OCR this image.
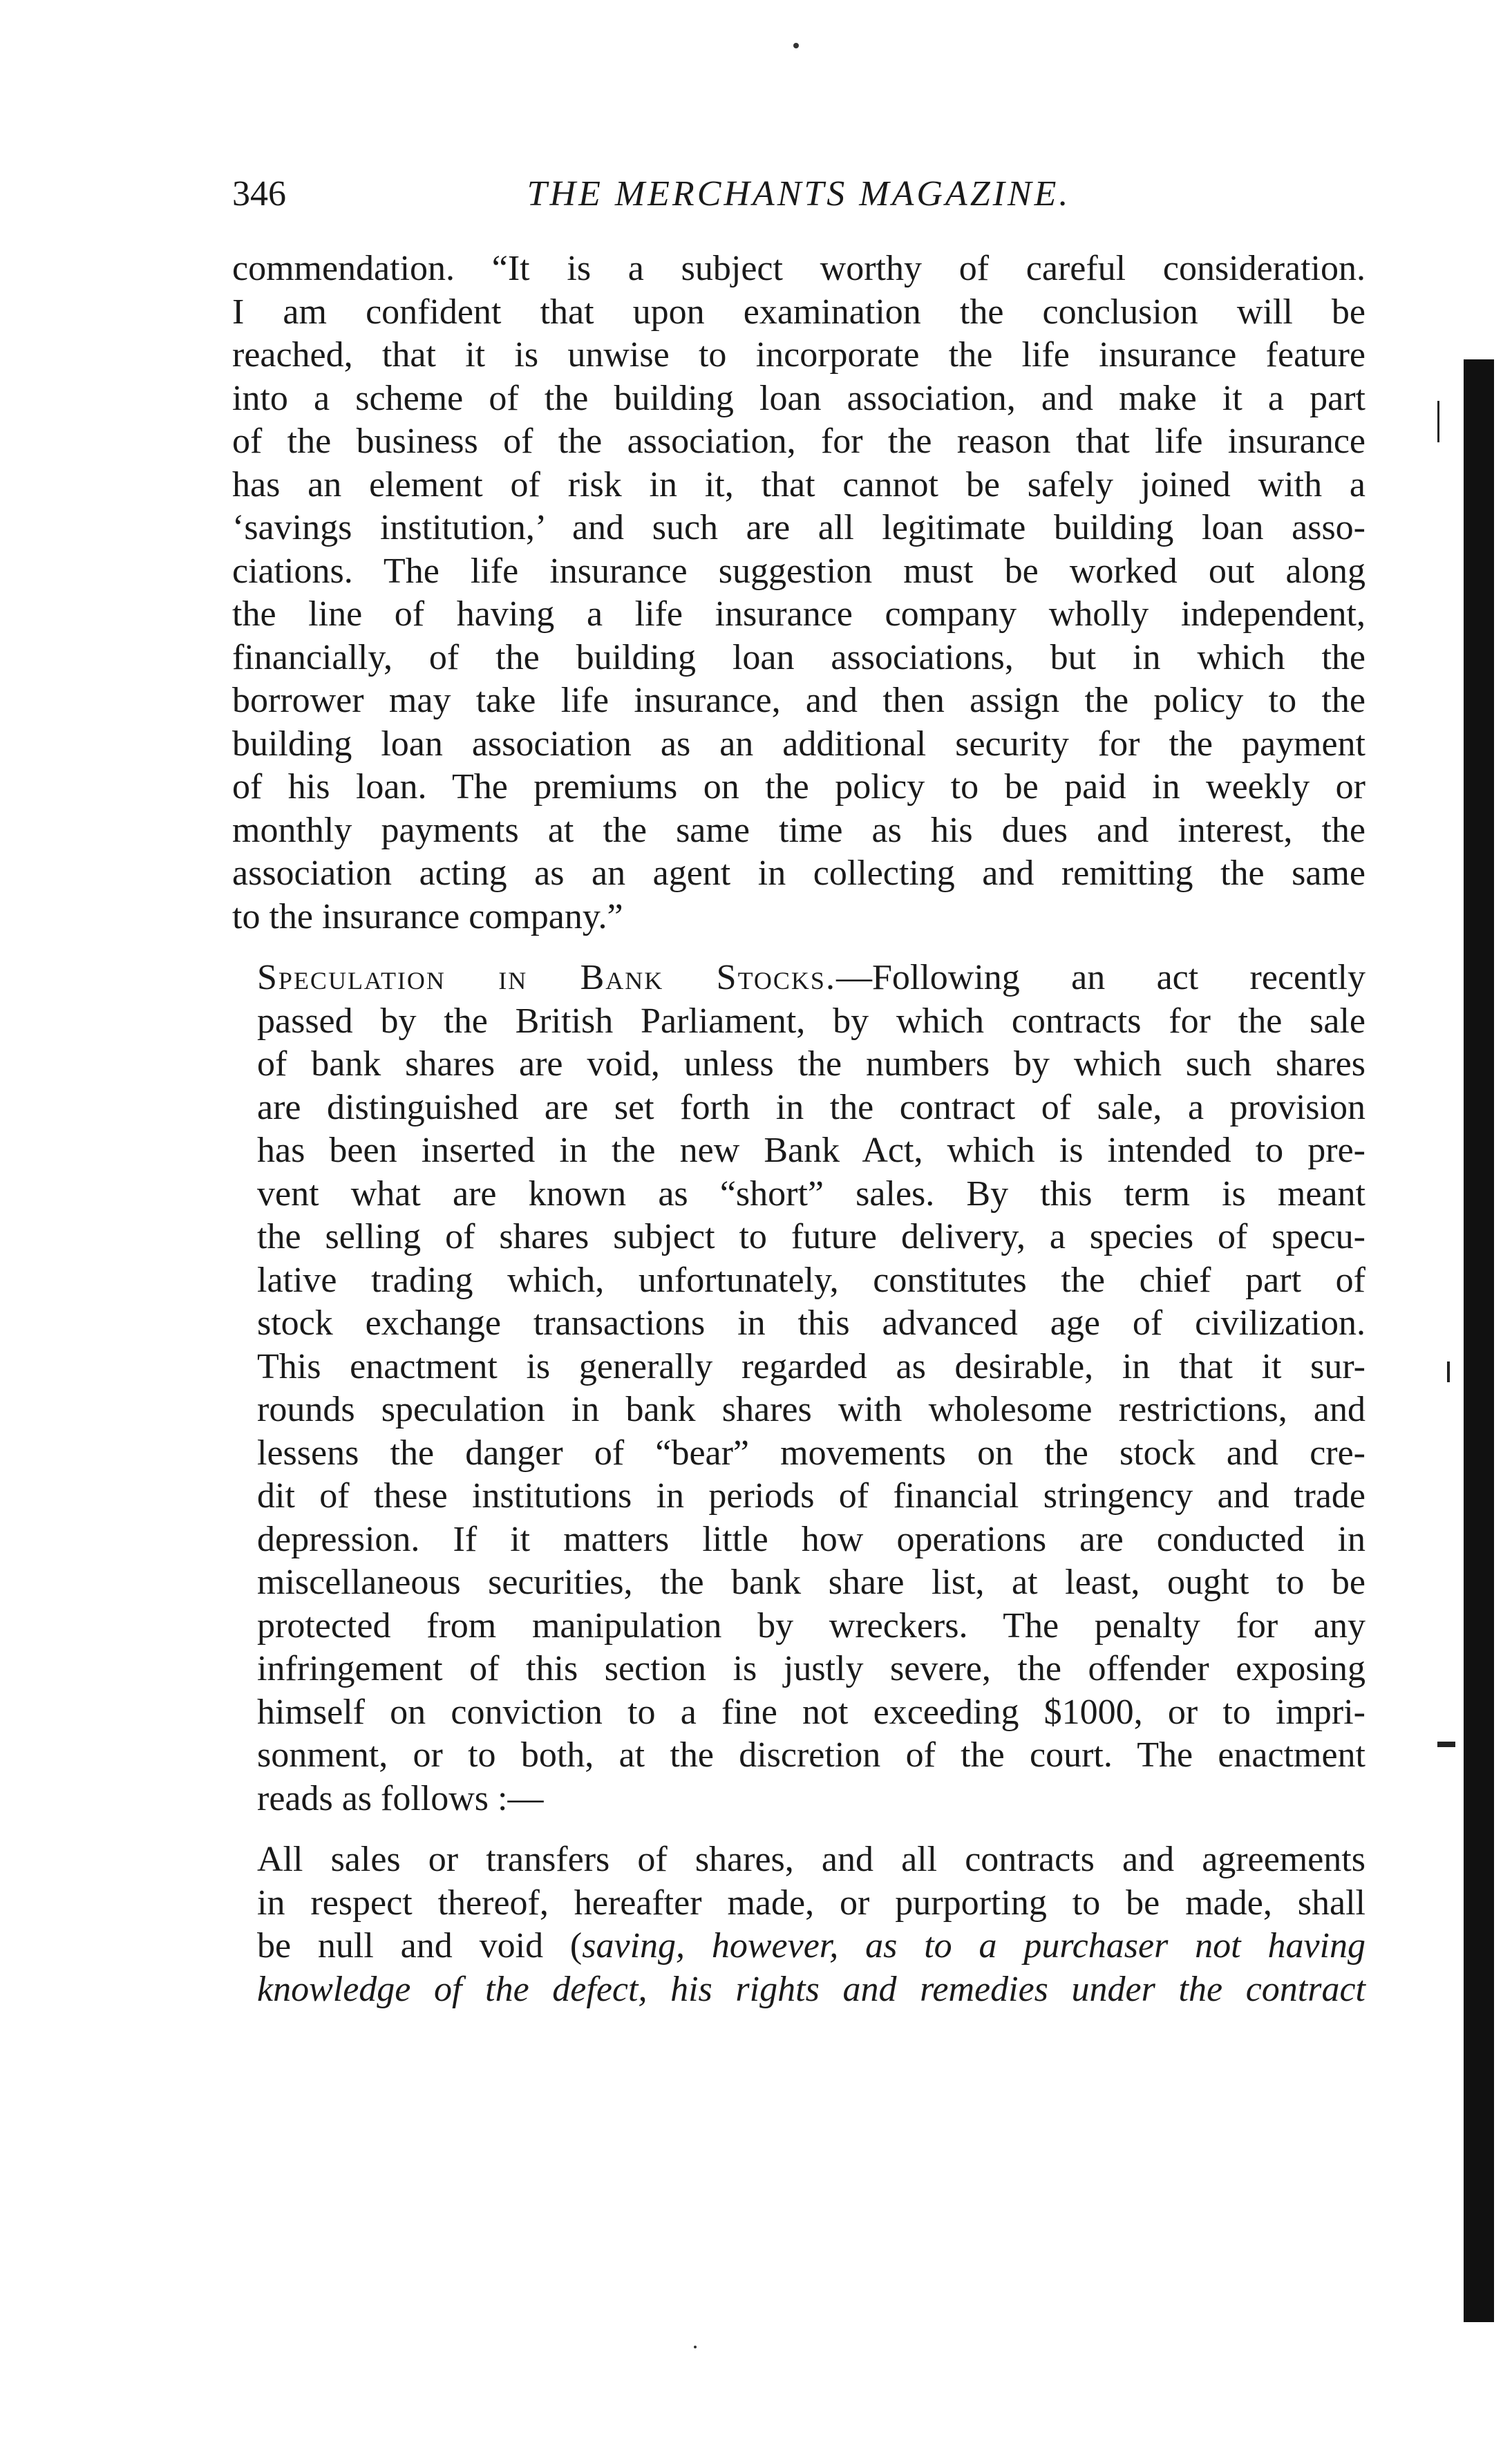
346	THE MERCHANTS MAGAZINE.

commendation. “It is a subject worthy of careful consideration.
I am confident that upon examination the conclusion will be
reached, that it is unwise to incorporate the life insurance feature
into a scheme of the building loan association, and make it a part
of the business of the association, for the reason that life insurance
has an element of risk in it, that cannot be safely joined with a
‘savings institution,’ and such are all legitimate building loan asso-
ciations. The life insurance suggestion must be worked out along
the line of having a life insurance company wholly independent,
financially, of the building loan associations, but in which the
borrower may take life insurance, and then assign the policy to the
building loan association as an additional security for the payment
of his loan. The premiums on the policy to be paid in weekly or
monthly payments at the same time as his dues and interest, the
association acting as an agent in collecting and remitting the same
to the insurance company.”

Speculation in Bank Stocks.—Following an act recently
passed by the British Parliament, by which contracts for the sale
of bank shares are void, unless the numbers by which such shares
are distinguished are set forth in the contract of sale, a provision
has been inserted in the new Bank Act, which is intended to pre-
vent what are known as “short” sales. By this term is meant
the selling of shares subject to future delivery, a species of specu-
lative trading which, unfortunately, constitutes the chief part of
stock exchange transactions in this advanced age of civilization.
This enactment is generally regarded as desirable, in that it sur-
rounds speculation in bank shares with wholesome restrictions, and
lessens the danger of “bear” movements on the stock and cre-
dit of these institutions in periods of financial stringency and trade
depression. If it matters little how operations are conducted in
miscellaneous securities, the bank share list, at least, ought to be
protected from manipulation by wreckers. The penalty for any
infringement of this section is justly severe, the offender exposing
himself on conviction to a fine not exceeding $1000, or to impri-
sonment, or to both, at the discretion of the court. The enactment
reads as follows :—

All sales or transfers of shares, and all contracts and agreements
in respect thereof, hereafter made, or purporting to be made, shall
be null and void (saving, however, as to a purchaser not having
knowledge of the defect, his rights and remedies under the contract
